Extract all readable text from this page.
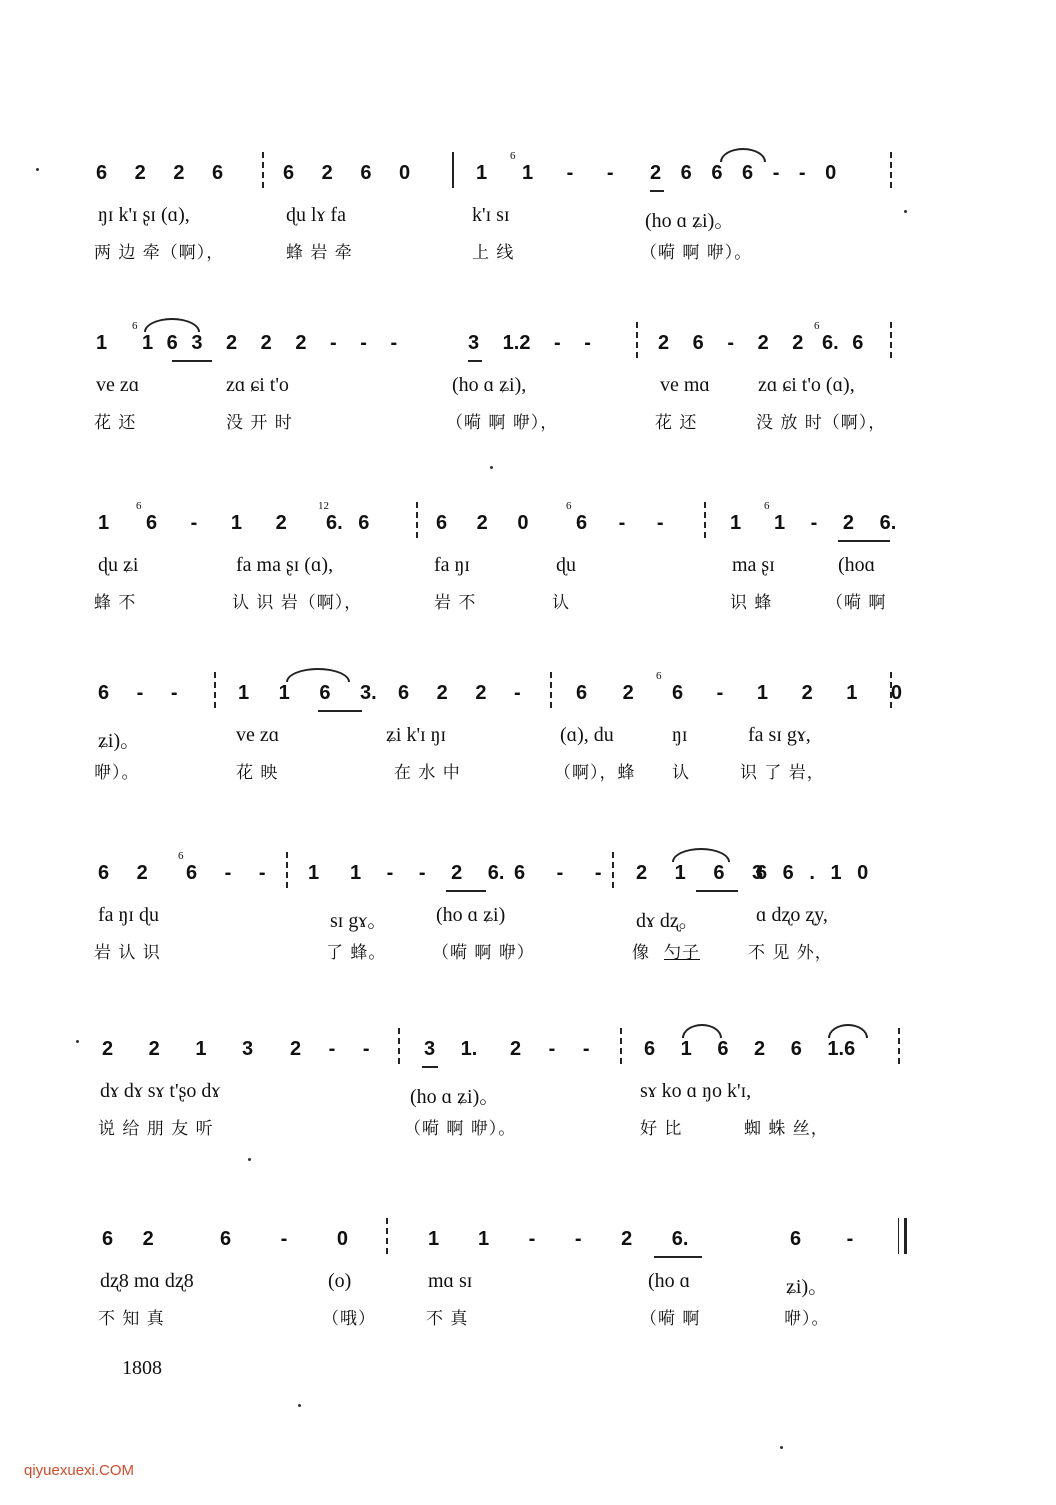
6 2 2 6	6 2 6 0	1
6
1 - - 2 6 6 6 - - 0
ŋɪ k'ɪ ʂɪ (ɑ),	ɖu lɤ fa	k'ɪ sɪ	(ho ɑ ʑi)。
两 边 牵（啊），	蜂 岩 牵	上 线	（嗬 啊 咿）。
1
6
1 6 3 2 2 2 - - -	3 1.2 - -	2 6 - 2 2
6
6. 6
ve zɑ	zɑ ɕi t'o	(ho ɑ ʑi),	ve mɑ zɑ ɕi t'o (ɑ),
花 还	没 开 时	（嗬 啊 咿），	花 还	没 放 时（啊），
1
6
6 - 1 2
12
6. 6	6 2 0
6
6 - -	1
6
1 - 2 6.
ɖu ʑi	fa ma ʂɪ (ɑ),	fa ŋɪ	ɖu	ma ʂɪ	(hoɑ
蜂 不	认 识 岩（啊），	岩 不	认	识 蜂	（嗬 啊
6 - -	1 1 6 3. 6 2 2 -	6 2
6
6 - 1 2 1 0
ʑi)。	ve zɑ	ʑi k'ɪ ŋɪ	(ɑ), du	ŋɪ	fa sɪ gɤ,
咿）。	花 映	在 水 中	（啊），蜂 认	识 了 岩，
6 2
6
6 - - 1 1 - - 2 6. 6 - - 2 1 6 3
6 6 . 1 0
fa ŋɪ ɖu	sɪ gɤ。 (ho ɑ ʑi)	dɤ dʐ。	ɑ dʐo ʐy,
岩 认 识	了 蜂。	（嗬 啊 咿）	像 勺子	不 见 外，
2 2 1 3 2 - -	3 1. 2 - -	6 1 6 2 6 1.6
dɤ dɤ sɤ t'ʂo dɤ	(ho ɑ ʑi)。	sɤ ko ɑ ŋo k'ɪ,
说 给 朋 友 听	（嗬 啊 咿）。	好 比	蜘 蛛 丝，
6 2	6 - 0	1 1 - - 2 6.	6 -
dʐ8 mɑ dʐ8	(o)	mɑ sɪ	(ho ɑ	ʑi)。
不 知 真	（哦）	不 真	（嗬 啊	咿）。
1808
qiyuexuexi.COM
